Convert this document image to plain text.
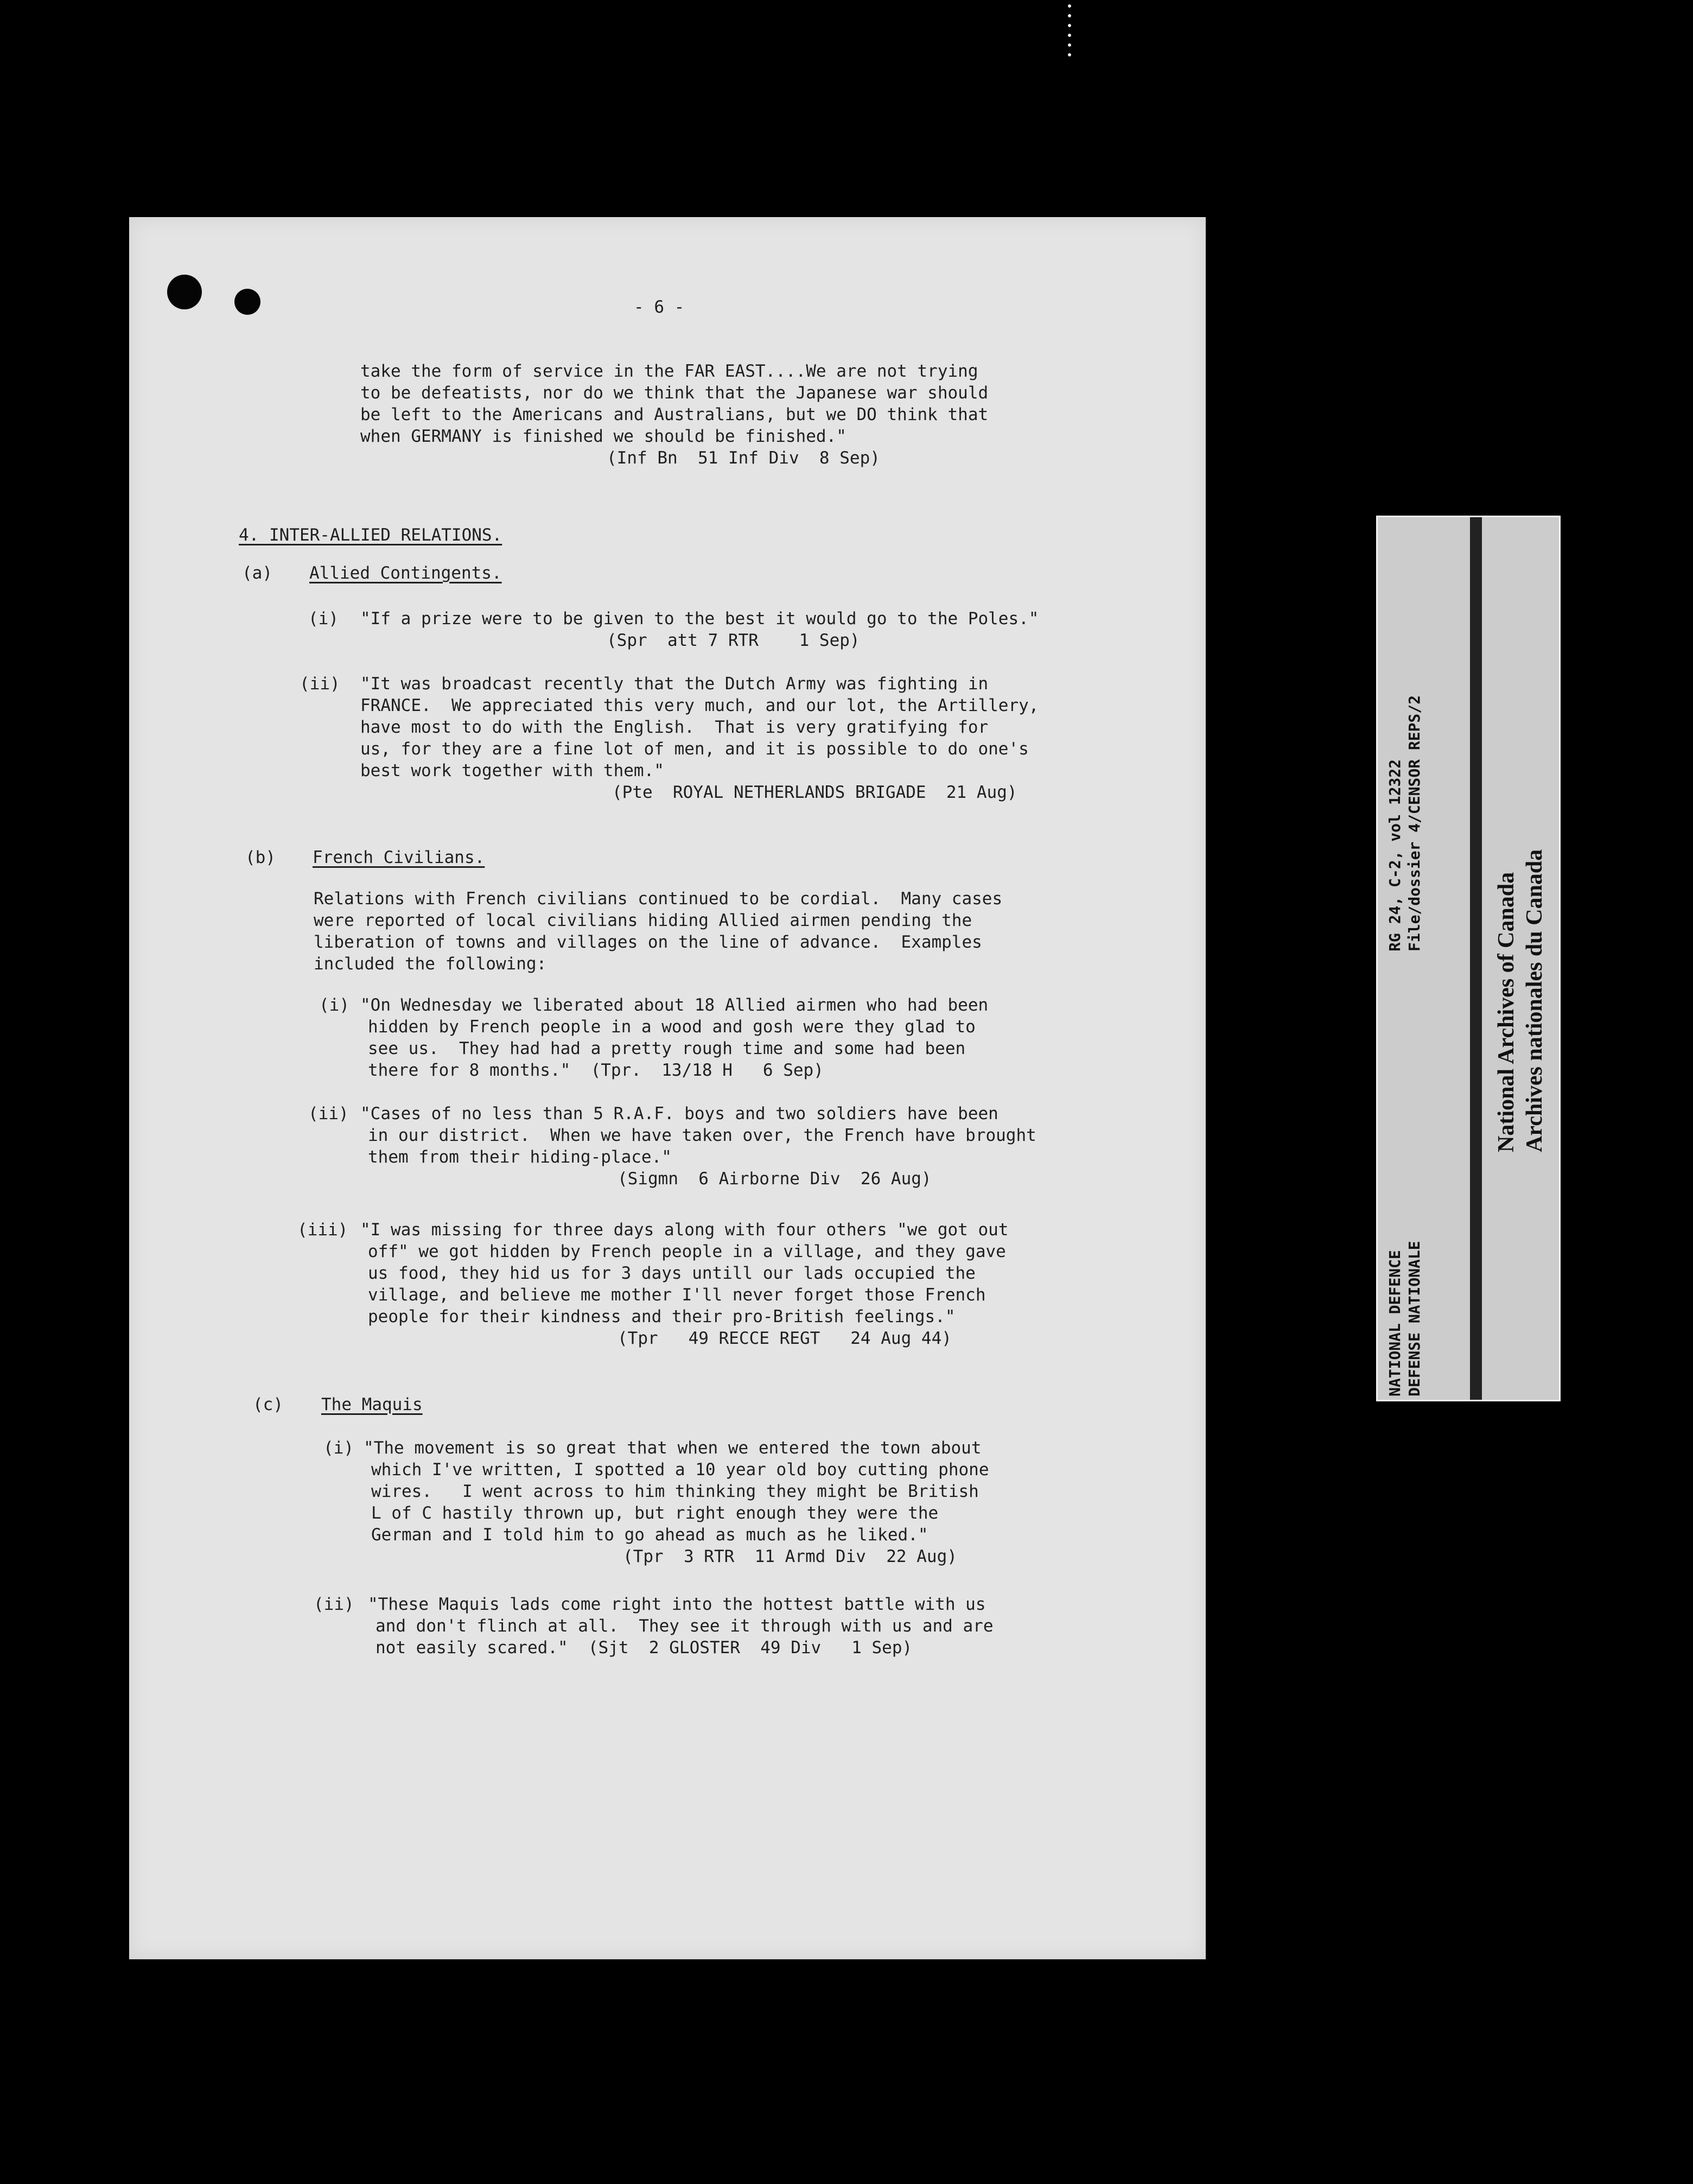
- 6 -
take the form of service in the FAR EAST....We are not trying
to be defeatists, nor do we think that the Japanese war should
be left to the Americans and Australians, but we DO think that
when GERMANY is finished we should be finished."
(Inf Bn  51 Inf Div  8 Sep)
4. INTER-ALLIED RELATIONS.
(a) Allied Contingents.
(i) "If a prize were to be given to the best it would go to the Poles."
(Spr  att 7 RTR    1 Sep)
(ii) "It was broadcast recently that the Dutch Army was fighting in
FRANCE.  We appreciated this very much, and our lot, the Artillery,
have most to do with the English.  That is very gratifying for
us, for they are a fine lot of men, and it is possible to do one's
best work together with them."
(Pte  ROYAL NETHERLANDS BRIGADE  21 Aug)
(b) French Civilians.
Relations with French civilians continued to be cordial.  Many cases
were reported of local civilians hiding Allied airmen pending the
liberation of towns and villages on the line of advance.  Examples
included the following:
(i) "On Wednesday we liberated about 18 Allied airmen who had been
hidden by French people in a wood and gosh were they glad to
see us.  They had had a pretty rough time and some had been
there for 8 months."  (Tpr.  13/18 H   6 Sep)
(ii) "Cases of no less than 5 R.A.F. boys and two soldiers have been
in our district.  When we have taken over, the French have brought
them from their hiding-place."
(Sigmn  6 Airborne Div  26 Aug)
(iii) "I was missing for three days along with four others "we got out
off" we got hidden by French people in a village, and they gave
us food, they hid us for 3 days untill our lads occupied the
village, and believe me mother I'll never forget those French
people for their kindness and their pro-British feelings."
(Tpr   49 RECCE REGT   24 Aug 44)
(c) The Maquis
(i) "The movement is so great that when we entered the town about
which I've written, I spotted a 10 year old boy cutting phone
wires.   I went across to him thinking they might be British
L of C hastily thrown up, but right enough they were the
German and I told him to go ahead as much as he liked."
(Tpr  3 RTR  11 Armd Div  22 Aug)
(ii) "These Maquis lads come right into the hottest battle with us
and don't flinch at all.  They see it through with us and are
not easily scared."  (Sjt  2 GLOSTER  49 Div   1 Sep)
RG 24, C-2, vol 12322 File/dossier 4/CENSOR REPS/2
NATIONAL DEFENCE DEFENSE NATIONALE
National Archives of Canada Archives nationales du Canada
